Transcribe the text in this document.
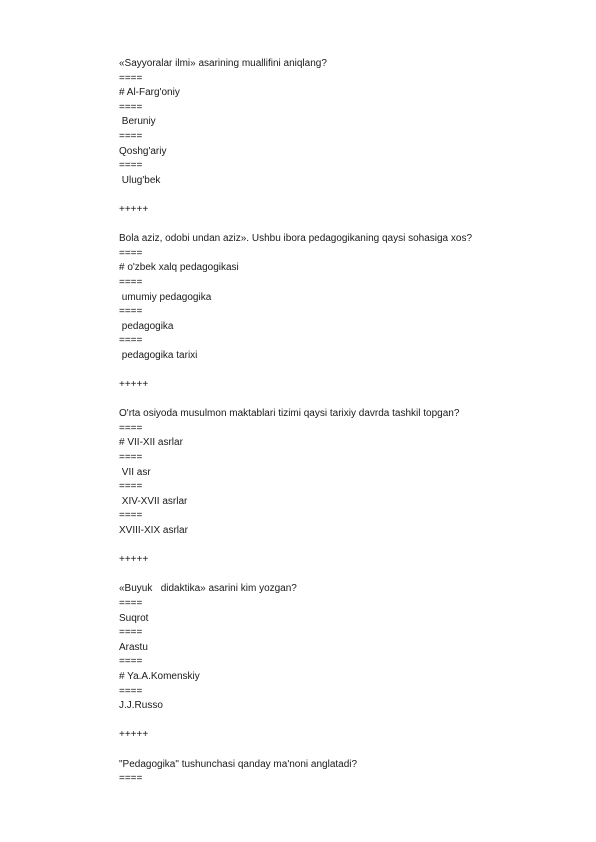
«Sayyoralar ilmi» asarining muallifini aniqlang?
====
# Al-Farg'oniy
====
Beruniy
====
Qoshg'ariy
====
Ulug'bek
+++++
Bola aziz, odobi undan aziz». Ushbu ibora pedagogikaning qaysi sohasiga xos?
====
# o'zbek xalq pedagogikasi
====
umumiy pedagogika
====
pedagogika
====
pedagogika tarixi
+++++
O'rta osiyoda musulmon maktablari tizimi qaysi tarixiy davrda tashkil topgan?
====
# VII-XII asrlar
====
VII asr
====
XIV-XVII asrlar
====
XVIII-XIX asrlar
+++++
«Buyuk   didaktika» asarini kim yozgan?
====
Suqrot
====
Arastu
====
# Ya.A.Komenskiy
====
J.J.Russo
+++++
"Pedagogika" tushunchasi qanday ma'noni anglatadi?
====
